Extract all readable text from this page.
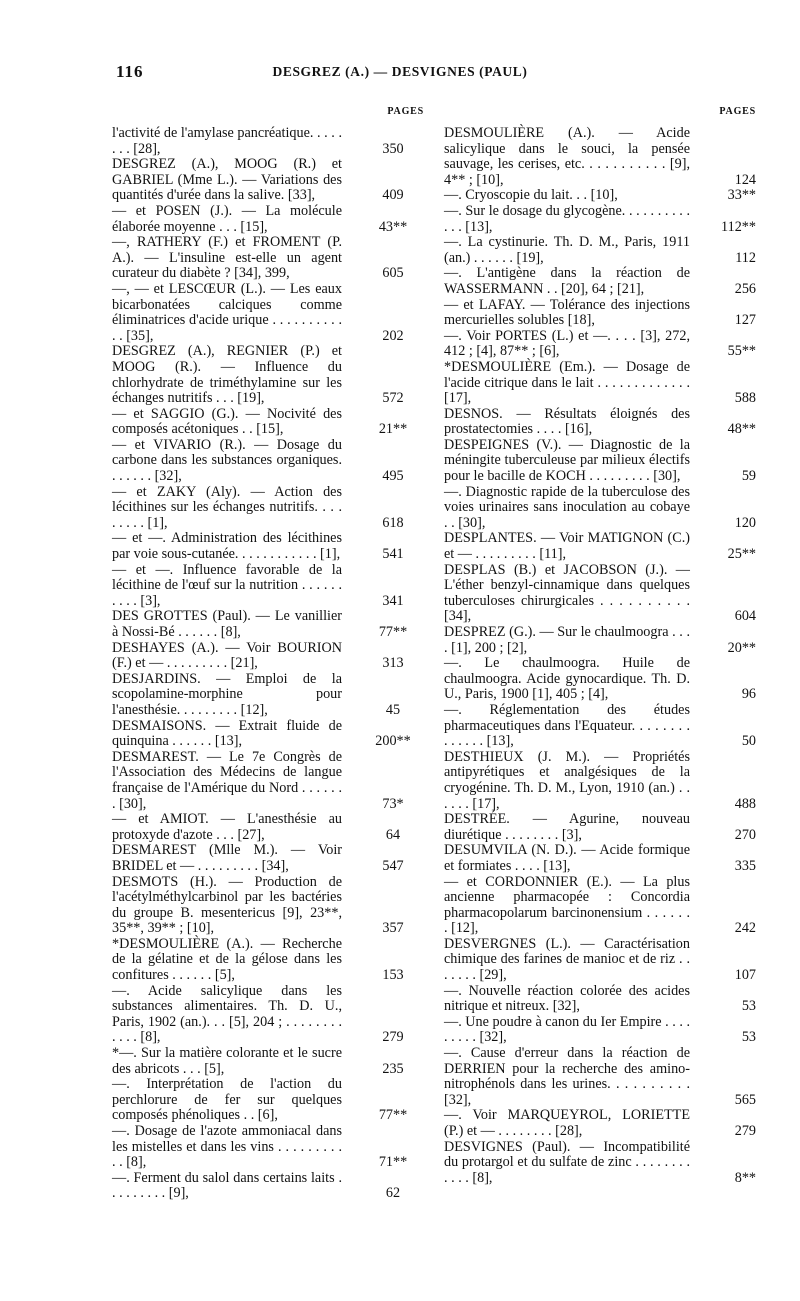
116	DESGREZ (A.) — DESVIGNES (PAUL)
PAGES
l'activité de l'amylase pancréatique. . . . . . . . [28],	350
DESGREZ (A.), MOOG (R.) et GABRIEL (Mme L.). — Variations des quantités d'urée dans la salive. [33],	409
— et POSEN (J.). — La molécule élaborée moyenne . . . [15],	43**
—, RATHERY (F.) et FROMENT (P. A.). — L'insuline est-elle un agent curateur du diabète ? [34], 399,	605
—, — et LESCŒUR (L.). — Les eaux bicarbonatées calciques comme éliminatrices d'acide urique . . . . . . . . . . . . [35],	202
DESGREZ (A.), REGNIER (P.) et MOOG (R.). — Influence du chlorhydrate de triméthylamine sur les échanges nutritifs . . . [19],	572
— et SAGGIO (G.). — Nocivité des composés acétoniques . . [15],	21**
— et VIVARIO (R.). — Dosage du carbone dans les substances organiques. . . . . . . [32],	495
— et ZAKY (Aly). — Action des lécithines sur les échanges nutritifs. . . . . . . . . [1],	618
— et —. Administration des lécithines par voie sous-cutanée. . . . . . . . . . . . [1],	541
— et —. Influence favorable de la lécithine de l'œuf sur la nutrition . . . . . . . . . . [3],	341
DES GROTTES (Paul). — Le vanillier à Nossi-Bé . . . . . . [8],	77**
DESHAYES (A.). — Voir BOURION (F.) et — . . . . . . . . . [21],	313
DESJARDINS. — Emploi de la scopolamine-morphine pour l'anesthésie. . . . . . . . . [12],	45
DESMAISONS. — Extrait fluide de quinquina . . . . . . [13],	200**
DESMAREST. — Le 7e Congrès de l'Association des Médecins de langue française de l'Amérique du Nord . . . . . . . [30],	73*
— et AMIOT. — L'anesthésie au protoxyde d'azote . . . [27],	64
DESMAREST (Mlle M.). — Voir BRIDEL et — . . . . . . . . . [34],	547
DESMOTS (H.). — Production de l'acétylméthylcarbinol par les bactéries du groupe B. mesentericus [9], 23**, 35**, 39** ; [10],	357
*DESMOULIÈRE (A.). — Recherche de la gélatine et de la gélose dans les confitures . . . . . . [5],	153
—. Acide salicylique dans les substances alimentaires. Th. D. U., Paris, 1902 (an.). . . [5], 204 ; . . . . . . . . . . . . [8],	279
*—. Sur la matière colorante et le sucre des abricots . . . [5],	235
—. Interprétation de l'action du perchlorure de fer sur quelques composés phénoliques . . [6],	77**
—. Dosage de l'azote ammoniacal dans les mistelles et dans les vins . . . . . . . . . . . [8],	71**
—. Ferment du salol dans certains laits . . . . . . . . . [9],	62
PAGES
DESMOULIÈRE (A.). — Acide salicylique dans le souci, la pensée sauvage, les cerises, etc. . . . . . . . . . . [9], 4** ; [10],	124
—. Cryoscopie du lait. . . [10],	33**
—. Sur le dosage du glycogène. . . . . . . . . . . . . [13],	112**
—. La cystinurie. Th. D. M., Paris, 1911 (an.) . . . . . . [19],	112
—. L'antigène dans la réaction de WASSERMANN . . [20], 64 ; [21],	256
— et LAFAY. — Tolérance des injections mercurielles solubles [18],	127
—. Voir PORTES (L.) et —. . . . [3], 272, 412 ; [4], 87** ; [6],	55**
*DESMOULIÈRE (Em.). — Dosage de l'acide citrique dans le lait . . . . . . . . . . . . . [17],	588
DESNOS. — Résultats éloignés des prostatectomies . . . . [16],	48**
DESPEIGNES (V.). — Diagnostic de la méningite tuberculeuse par milieux électifs pour le bacille de KOCH . . . . . . . . . [30],	59
—. Diagnostic rapide de la tuberculose des voies urinaires sans inoculation au cobaye . . [30],	120
DESPLANTES. — Voir MATIGNON (C.) et — . . . . . . . . . [11],	25**
DESPLAS (B.) et JACOBSON (J.). — L'éther benzyl-cinnamique dans quelques tuberculoses chirurgicales . . . . . . . . . . [34],	604
DESPREZ (G.). — Sur le chaulmoogra . . . . [1], 200 ; [2],	20**
—. Le chaulmoogra. Huile de chaulmoogra. Acide gynocardique. Th. D. U., Paris, 1900 [1], 405 ; [4],	96
—. Réglementation des études pharmaceutiques dans l'Equateur. . . . . . . . . . . . . . [13],	50
DESTHIEUX (J. M.). — Propriétés antipyrétiques et analgésiques de la cryogénine. Th. D. M., Lyon, 1910 (an.) . . . . . . [17],	488
DESTRÉE. — Agurine, nouveau diurétique . . . . . . . . [3],	270
DESUMVILA (N. D.). — Acide formique et formiates . . . . [13],	335
— et CORDONNIER (E.). — La plus ancienne pharmacopée : Concordia pharmacopolarum barcinonensium . . . . . . . [12],	242
DESVERGNES (L.). — Caractérisation chimique des farines de manioc et de riz . . . . . . . [29],	107
—. Nouvelle réaction colorée des acides nitrique et nitreux. [32],	53
—. Une poudre à canon du Ier Empire . . . . . . . . . [32],	53
—. Cause d'erreur dans la réaction de DERRIEN pour la recherche des amino-nitrophénols dans les urines. . . . . . . . . . [32],	565
—. Voir MARQUEYROL, LORIETTE (P.) et — . . . . . . . . [28],	279
DESVIGNES (Paul). — Incompatibilité du protargol et du sulfate de zinc . . . . . . . . . . . . [8],	8**
